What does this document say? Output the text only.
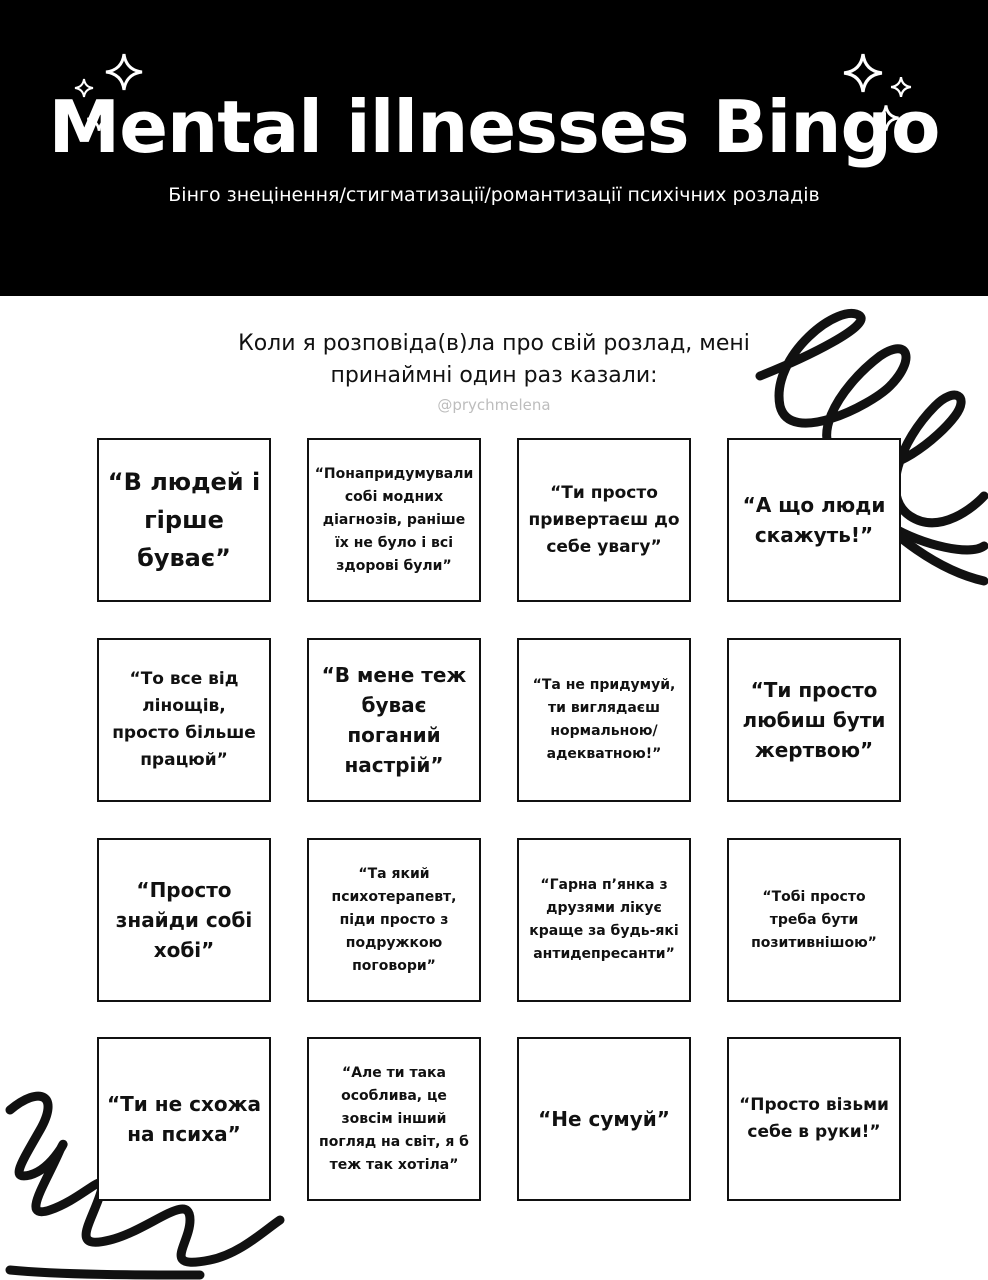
Mental illnesses Bingo
Бінго знецінення/стигматизації/романтизації психічних розладів
Коли я розповіда(в)ла про свій розлад, мені
принаймні один раз казали:
@prychmelena
“В людей і гірше буває”
“Понапридумували собі модних діагнозів, раніше їх не було і всі здорові були”
“Ти просто привертаєш до себе увагу”
“А що люди скажуть!”
“То все від лінощів, просто більше працюй”
“В мене теж буває поганий настрій”
“Та не придумуй, ти виглядаєш нормальною/ адекватною!”
“Ти просто любиш бути жертвою”
“Просто знайди собі хобі”
“Та який психотерапевт, піди просто з подружкою поговори”
“Гарна п’янка з друзями лікує краще за будь-які антидепресанти”
“Тобі просто треба бути позитивнішою”
“Ти не схожа на психа”
“Але ти така особлива, це зовсім інший погляд на світ, я б теж так хотіла”
“Не сумуй”
“Просто візьми себе в руки!”
